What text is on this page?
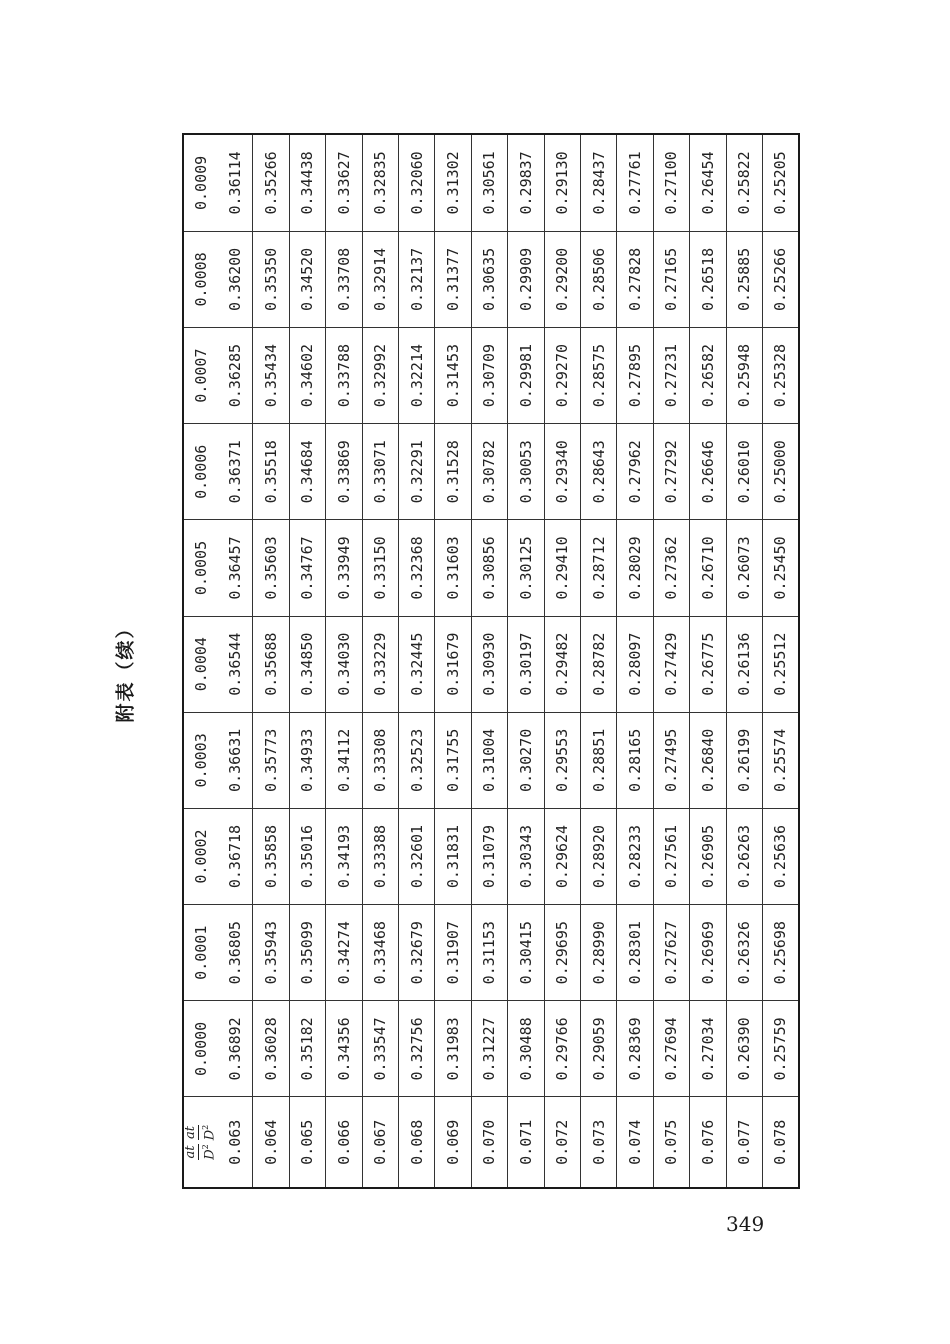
附表（续）
at $D^2$
at $D^2$	0.0000	0.0001	0.0002	0.0003	0.0004	0.0005	0.0006	0.0007	0.0008	0.0009
0.063	0.36892	0.36805	0.36718	0.36631	0.36544	0.36457	0.36371	0.36285	0.36200	0.36114
0.064	0.36028	0.35943	0.35858	0.35773	0.35688	0.35603	0.35518	0.35434	0.35350	0.35266
0.065	0.35182	0.35099	0.35016	0.34933	0.34850	0.34767	0.34684	0.34602	0.34520	0.34438
0.066	0.34356	0.34274	0.34193	0.34112	0.34030	0.33949	0.33869	0.33788	0.33708	0.33627
0.067	0.33547	0.33468	0.33388	0.33308	0.33229	0.33150	0.33071	0.32992	0.32914	0.32835
0.068	0.32756	0.32679	0.32601	0.32523	0.32445	0.32368	0.32291	0.32214	0.32137	0.32060
0.069	0.31983	0.31907	0.31831	0.31755	0.31679	0.31603	0.31528	0.31453	0.31377	0.31302
0.070	0.31227	0.31153	0.31079	0.31004	0.30930	0.30856	0.30782	0.30709	0.30635	0.30561
0.071	0.30488	0.30415	0.30343	0.30270	0.30197	0.30125	0.30053	0.29981	0.29909	0.29837
0.072	0.29766	0.29695	0.29624	0.29553	0.29482	0.29410	0.29340	0.29270	0.29200	0.29130
0.073	0.29059	0.28990	0.28920	0.28851	0.28782	0.28712	0.28643	0.28575	0.28506	0.28437
0.074	0.28369	0.28301	0.28233	0.28165	0.28097	0.28029	0.27962	0.27895	0.27828	0.27761
0.075	0.27694	0.27627	0.27561	0.27495	0.27429	0.27362	0.27292	0.27231	0.27165	0.27100
0.076	0.27034	0.26969	0.26905	0.26840	0.26775	0.26710	0.26646	0.26582	0.26518	0.26454
0.077	0.26390	0.26326	0.26263	0.26199	0.26136	0.26073	0.26010	0.25948	0.25885	0.25822
0.078	0.25759	0.25698	0.25636	0.25574	0.25512	0.25450	0.25000	0.25328	0.25266	0.25205
349
